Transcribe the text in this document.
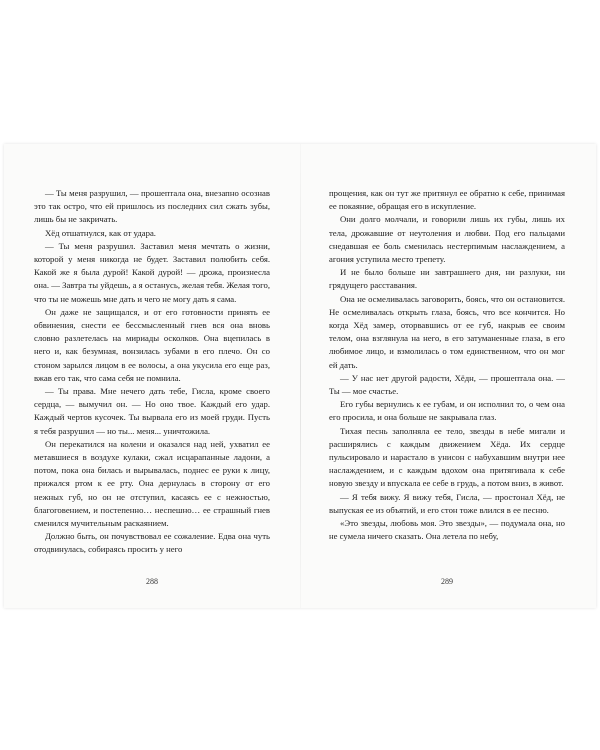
— Ты меня разрушил, — прошептала она, внезапно осознав это так остро, что ей пришлось из последних сил сжать зубы, лишь бы не закричать.

Хёд отшатнулся, как от удара.

— Ты меня разрушил. Заставил меня мечтать о жизни, которой у меня никогда не будет. Заставил полюбить себя. Какой же я была дурой! Какой дурой! — дрожа, произнесла она. — Завтра ты уйдешь, а я останусь, желая тебя. Желая того, что ты не можешь мне дать и чего не могу дать я сама.

Он даже не защищался, и от его готовности принять ее обвинения, снести ее бессмысленный гнев вся она вновь словно разлетелась на мириады осколков. Она вцепилась в него и, как безумная, вонзилась зубами в его плечо. Он со стоном зарылся лицом в ее волосы, а она укусила его еще раз, вжав его так, что сама себя не помнила.

— Ты права. Мне нечего дать тебе, Гисла, кроме своего сердца, — вымучил он. — Но оно твое. Каждый его удар. Каждый чертов кусочек. Ты вырвала его из моей груди. Пусть я тебя разрушил — но ты... меня... уничтожила.

Он перекатился на колени и оказался над ней, ухватил ее метавшиеся в воздухе кулаки, сжал исцарапанные ладони, а потом, пока она билась и вырывалась, поднес ее руки к лицу, прижался ртом к ее рту. Она дернулась в сторону от его нежных губ, но он не отступил, касаясь ее с нежностью, благоговением, и постепенно… неспешно… ее страшный гнев сменился мучительным раскаянием.

Должно быть, он почувствовал ее сожаление. Едва она чуть отодвинулась, собираясь просить у него

288

прощения, как он тут же притянул ее обратно к себе, принимая ее покаяние, обращая его в искупление.

Они долго молчали, и говорили лишь их губы, лишь их тела, дрожавшие от неутоления и любви. Под его пальцами снедавшая ее боль сменилась нестерпимым наслаждением, а агония уступила место трепету.

И не было больше ни завтрашнего дня, ни разлуки, ни грядущего расставания.

Она не осмеливалась заговорить, боясь, что он остановится. Не осмеливалась открыть глаза, боясь, что все кончится. Но когда Хёд замер, оторвавшись от ее губ, накрыв ее своим телом, она взглянула на него, в его затуманенные глаза, в его любимое лицо, и взмолилась о том единственном, что он мог ей дать.

— У нас нет другой радости, Хёдн, — прошептала она. — Ты — мое счастье.

Его губы вернулись к ее губам, и он исполнил то, о чем она его просила, и она больше не закрывала глаз.

Тихая песнь заполняла ее тело, звезды в небе мигали и расширялись с каждым движением Хёда. Их сердце пульсировало и нарастало в унисон с набухавшим внутри нее наслаждением, и с каждым вдохом она притягивала к себе новую звезду и впускала ее себе в грудь, а потом вниз, в живот.

— Я тебя вижу. Я вижу тебя, Гисла, — простонал Хёд, не выпуская ее из объятий, и его стон тоже влился в ее песню.

«Это звезды, любовь моя. Это звезды», — подумала она, но не сумела ничего сказать. Она летела по небу,

289
